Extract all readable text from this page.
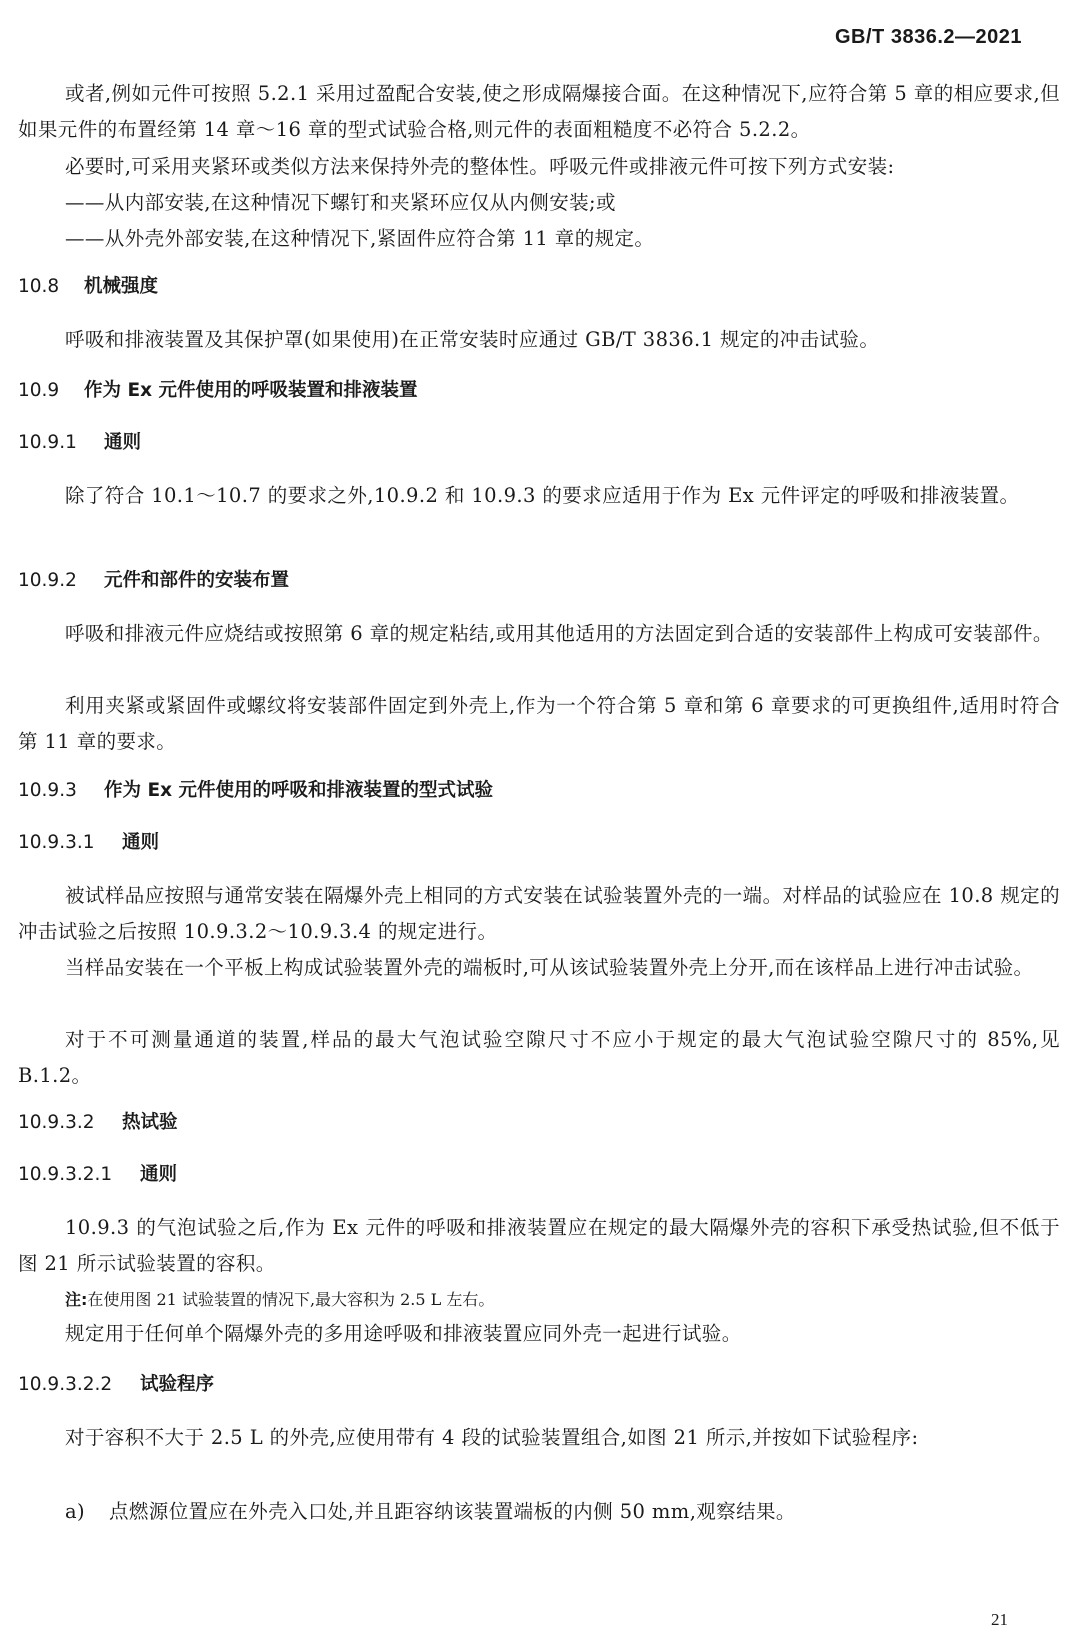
GB/T 3836.2—2021
或者,例如元件可按照 5.2.1 采用过盈配合安装,使之形成隔爆接合面。在这种情况下,应符合第 5 章的相应要求,但如果元件的布置经第 14 章～16 章的型式试验合格,则元件的表面粗糙度不必符合 5.2.2。
必要时,可采用夹紧环或类似方法来保持外壳的整体性。呼吸元件或排液元件可按下列方式安装:
——从内部安装,在这种情况下螺钉和夹紧环应仅从内侧安装;或
——从外壳外部安装,在这种情况下,紧固件应符合第 11 章的规定。
10.8 机械强度
呼吸和排液装置及其保护罩(如果使用)在正常安装时应通过 GB/T 3836.1 规定的冲击试验。
10.9 作为 Ex 元件使用的呼吸装置和排液装置
10.9.1 通则
除了符合 10.1～10.7 的要求之外,10.9.2 和 10.9.3 的要求应适用于作为 Ex 元件评定的呼吸和排液装置。
10.9.2 元件和部件的安装布置
呼吸和排液元件应烧结或按照第 6 章的规定粘结,或用其他适用的方法固定到合适的安装部件上构成可安装部件。
利用夹紧或紧固件或螺纹将安装部件固定到外壳上,作为一个符合第 5 章和第 6 章要求的可更换组件,适用时符合第 11 章的要求。
10.9.3 作为 Ex 元件使用的呼吸和排液装置的型式试验
10.9.3.1 通则
被试样品应按照与通常安装在隔爆外壳上相同的方式安装在试验装置外壳的一端。对样品的试验应在 10.8 规定的冲击试验之后按照 10.9.3.2～10.9.3.4 的规定进行。
当样品安装在一个平板上构成试验装置外壳的端板时,可从该试验装置外壳上分开,而在该样品上进行冲击试验。
对于不可测量通道的装置,样品的最大气泡试验空隙尺寸不应小于规定的最大气泡试验空隙尺寸的 85%,见 B.1.2。
10.9.3.2 热试验
10.9.3.2.1 通则
10.9.3 的气泡试验之后,作为 Ex 元件的呼吸和排液装置应在规定的最大隔爆外壳的容积下承受热试验,但不低于图 21 所示试验装置的容积。
注:在使用图 21 试验装置的情况下,最大容积为 2.5 L 左右。
规定用于任何单个隔爆外壳的多用途呼吸和排液装置应同外壳一起进行试验。
10.9.3.2.2 试验程序
对于容积不大于 2.5 L 的外壳,应使用带有 4 段的试验装置组合,如图 21 所示,并按如下试验程序:
a) 点燃源位置应在外壳入口处,并且距容纳该装置端板的内侧 50 mm,观察结果。
21
